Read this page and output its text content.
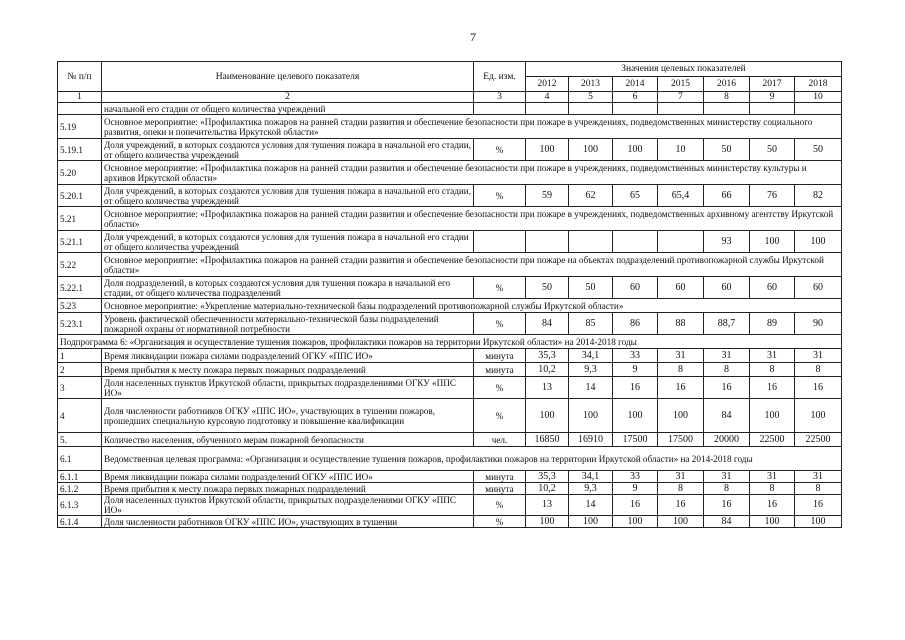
7
№ п/п	Наименование целевого показателя	Ед. изм.	Значения целевых показателей						
			2012	2013	2014	2015	2016	2017	2018
1	2	3	4	5	6	7	8	9	10
	начальной его стадии от общего количества учреждений								
5.19	Основное мероприятие: «Профилактика пожаров на ранней стадии развития и обеспечение безопасности при пожаре в учреждениях, подведомственных министерству социального развития, опеки и попечительства Иркутской области»								
5.19.1	Доля учреждений, в которых создаются условия для тушения пожара в начальной его стадии, от общего количества учреждений	%	100	100	100	10	50	50	50
5.20	Основное мероприятие: «Профилактика пожаров на ранней стадии развития и обеспечение безопасности при пожаре в учреждениях, подведомственных министерству культуры и архивов Иркутской области»								
5.20.1	Доля учреждений, в которых создаются условия для тушения пожара в начальной его стадии, от общего количества учреждений	%	59	62	65	65,4	66	76	82
5.21	Основное мероприятие: «Профилактика пожаров на ранней стадии развития и обеспечение безопасности при пожаре в учреждениях, подведомственных архивному агентству Иркутской области»								
5.21.1	Доля учреждений, в которых создаются условия для тушения пожара в начальной его стадии от общего количества учреждений						93	100	100
5.22	Основное мероприятие: «Профилактика пожаров на ранней стадии развития и обеспечение безопасности при пожаре на объектах подразделений противопожарной службы Иркутской области»								
5.22.1	Доля подразделений, в которых создаются условия для тушения пожара в начальной его стадии, от общего количества подразделений	%	50	50	60	60	60	60	60
5.23	Основное мероприятие: «Укрепление материально-технической базы подразделений противопожарной службы Иркутской области»								
5.23.1	Уровень фактической обеспеченности материально-технической базы подразделений пожарной охраны от нормативной потребности	%	84	85	86	88	88,7	89	90
Подпрограмма 6: «Организация и осуществление тушения пожаров, профилактики пожаров на территории Иркутской области» на 2014-2018 годы									
1	Время ликвидации пожара силами подразделений ОГКУ «ППС ИО»	минута	35,3	34,1	33	31	31	31	31
2	Время прибытия к месту пожара первых пожарных подразделений	минута	10,2	9,3	9	8	8	8	8
3	Доля населенных пунктов Иркутской области, прикрытых подразделениями ОГКУ «ППС ИО»	%	13	14	16	16	16	16	16
4	Доля численности работников ОГКУ «ППС ИО», участвующих в тушении пожаров, прошедших специальную курсовую подготовку и повышение квалификации	%	100	100	100	100	84	100	100
5.	Количество населения, обученного мерам пожарной безопасности	чел.	16850	16910	17500	17500	20000	22500	22500
6.1	Ведомственная целевая программа: «Организация и осуществление тушения пожаров, профилактики пожаров на территории Иркутской области» на 2014-2018 годы								
6.1.1	Время ликвидации пожара силами подразделений ОГКУ «ППС ИО»	минута	35,3	34,1	33	31	31	31	31
6.1.2	Время прибытия к месту пожара первых пожарных подразделений	минута	10,2	9,3	9	8	8	8	8
6.1.3	Доля населенных пунктов Иркутской области, прикрытых подразделениями ОГКУ «ППС ИО»	%	13	14	16	16	16	16	16
6.1.4	Доля численности работников ОГКУ «ППС ИО», участвующих в тушении	%	100	100	100	100	84	100	100
